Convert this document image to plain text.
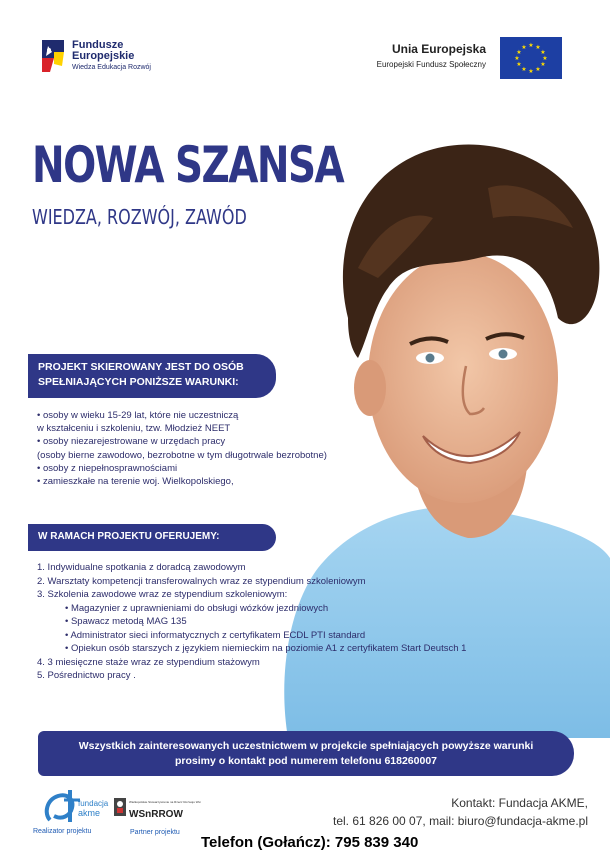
Fundusze
Europejskie
Wiedza Edukacja Rozwój
Unia Europejska
Europejski Fundusz Społeczny
★ ★
★
★
★
★
★
★
★
★
★
★
NOWA SZANSA
WIEDZA, ROZWÓJ, ZAWÓD
PROJEKT SKIEROWANY JEST DO OSÓB
SPEŁNIAJĄCYCH PONIŻSZE WARUNKI:
• osoby w wieku 15-29 lat, które nie uczestniczą
w kształceniu i szkoleniu, tzw. Młodzież NEET
• osoby niezarejestrowane w urzędach pracy
(osoby bierne zawodowo, bezrobotne w tym długotrwale bezrobotne)
• osoby z niepełnosprawnościami
• zamieszkałe na terenie woj. Wielkopolskiego,
W RAMACH PROJEKTU OFERUJEMY:
1. Indywidualne spotkania z doradcą zawodowym
2. Warsztaty kompetencji transferowalnych wraz ze stypendium szkoleniowym
3. Szkolenia zawodowe wraz ze stypendium szkoleniowym:
• Magazynier z uprawnieniami do obsługi wózków jezdniowych
• Spawacz metodą MAG 135
• Administrator sieci informatycznych z certyfikatem ECDL PTI standard
• Opiekun osób starszych z językiem niemieckim na poziomie A1 z certyfikatem Start Deutsch 1
4. 3 miesięczne staże wraz ze stypendium stażowym
5. Pośrednictwo pracy .
Wszystkich zainteresowanych uczestnictwem w projekcie spełniających powyższe warunki
prosimy o kontakt pod numerem telefonu 618260007
fundacja
akme
Realizator projektu
Wielkopolskie Stowarzyszenie na Rzecz Rozwoju Wsi
WSnRROW
Partner projektu
Kontakt: Fundacja AKME,
tel. 61 826 00 07, mail: biuro@fundacja-akme.pl
Telefon (Gołańcz): 795 839 340
